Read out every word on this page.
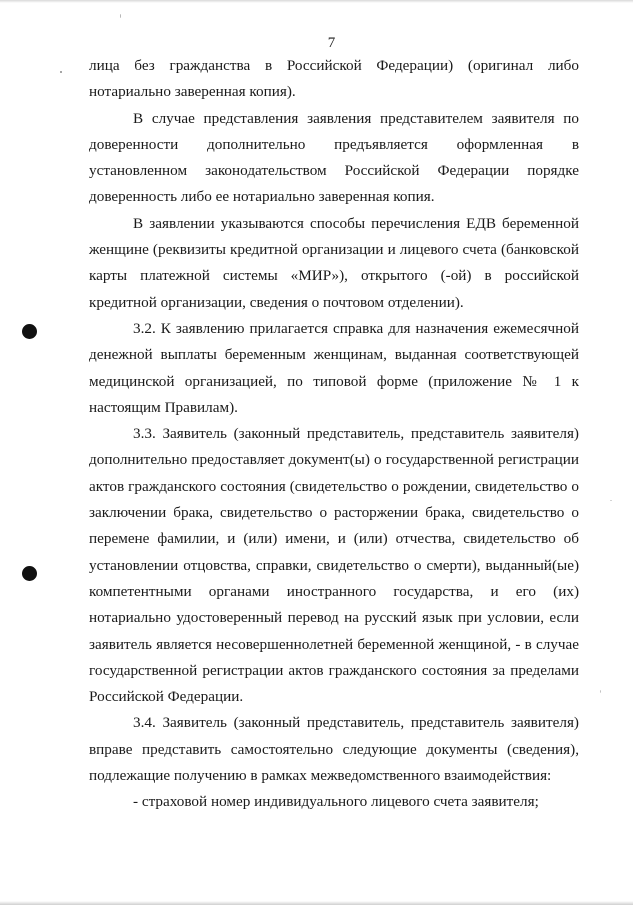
7

лица без гражданства в Российской Федерации) (оригинал либо

нотариально заверенная копия).

В случае представления заявления представителем заявителя по доверенности дополнительно предъявляется оформленная в установленном законодательством Российской Федерации порядке доверенность либо ее нотариально заверенная копия.

В заявлении указываются способы перечисления ЕДВ беременной женщине (реквизиты кредитной организации и лицевого счета (банковской карты платежной системы «МИР»), открытого (-ой) в российской кредитной организации, сведения о почтовом отделении).

3.2. К заявлению прилагается справка для назначения ежемесячной денежной выплаты беременным женщинам, выданная соответствующей медицинской организацией, по типовой форме (приложение № 1 к настоящим Правилам).

3.3. Заявитель (законный представитель, представитель заявителя) дополнительно предоставляет документ(ы) о государственной регистрации актов гражданского состояния (свидетельство о рождении, свидетельство о заключении брака, свидетельство о расторжении брака, свидетельство о перемене фамилии, и (или) имени, и (или) отчества, свидетельство об установлении отцовства, справки, свидетельство о смерти), выданный(ые) компетентными органами иностранного государства, и его (их) нотариально удостоверенный перевод на русский язык при условии, если заявитель является несовершеннолетней беременной женщиной, - в случае государственной регистрации актов гражданского состояния за пределами Российской Федерации.

3.4. Заявитель (законный представитель, представитель заявителя) вправе представить самостоятельно следующие документы (сведения), подлежащие получению в рамках межведомственного взаимодействия:

- страховой номер индивидуального лицевого счета заявителя;
